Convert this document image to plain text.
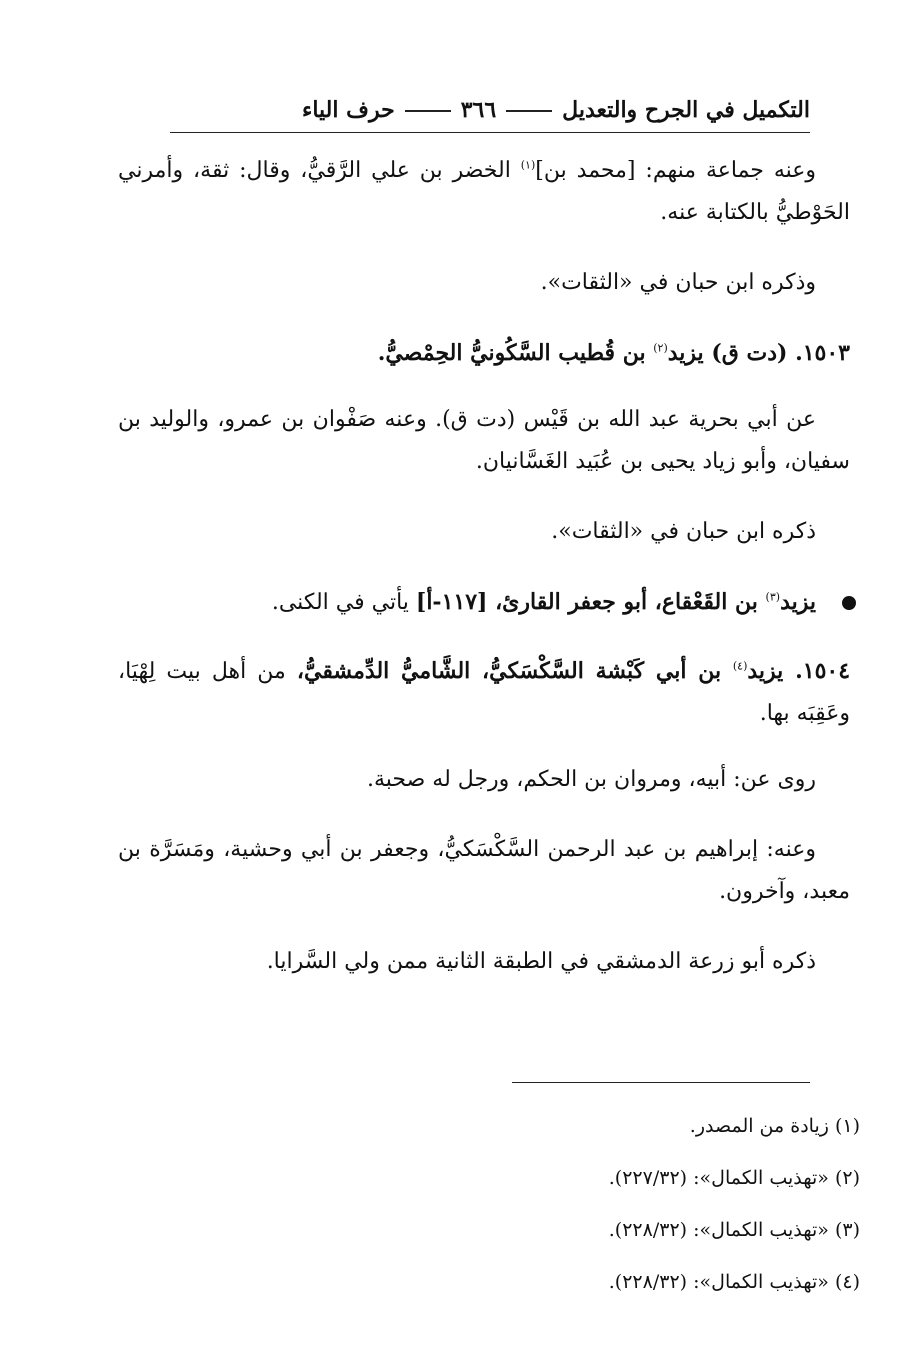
التكميل في الجرح والتعديل٣٦٦حرف الياء

وعنه جماعة منهم: [محمد بن]$^{(١)}$ الخضر بن علي الرَّقيُّ، وقال: ثقة، وأمرني الحَوْطيُّ بالكتابة عنه.

وذكره ابن حبان في «الثقات».

١٥٠٣. (دت ق) يزيد$^{(٢)}$ بن قُطيب السَّكُونيُّ الحِمْصيُّ.

عن أبي بحرية عبد الله بن قَيْس (دت ق). وعنه صَفْوان بن عمرو، والوليد بن سفيان، وأبو زياد يحيى بن عُبَيد الغَسَّانيان.

ذكره ابن حبان في «الثقات».

يزيد$^{(٣)}$ بن القَعْقاع، أبو جعفر القارئ، [١١٧-أ] يأتي في الكنى.

١٥٠٤. يزيد$^{(٤)}$ بن أبي كَبْشة السَّكْسَكيُّ، الشَّاميُّ الدِّمشقيُّ، من أهل بيت لِهْيَا، وعَقِبَه بها.

روى عن: أبيه، ومروان بن الحكم، ورجل له صحبة.

وعنه: إبراهيم بن عبد الرحمن السَّكْسَكيُّ، وجعفر بن أبي وحشية، ومَسَرَّة بن معبد، وآخرون.

ذكره أبو زرعة الدمشقي في الطبقة الثانية ممن ولي السَّرايا.

(١) زيادة من المصدر.
(٢) «تهذيب الكمال»: (٢٢٧/٣٢).
(٣) «تهذيب الكمال»: (٢٢٨/٣٢).
(٤) «تهذيب الكمال»: (٢٢٨/٣٢).
